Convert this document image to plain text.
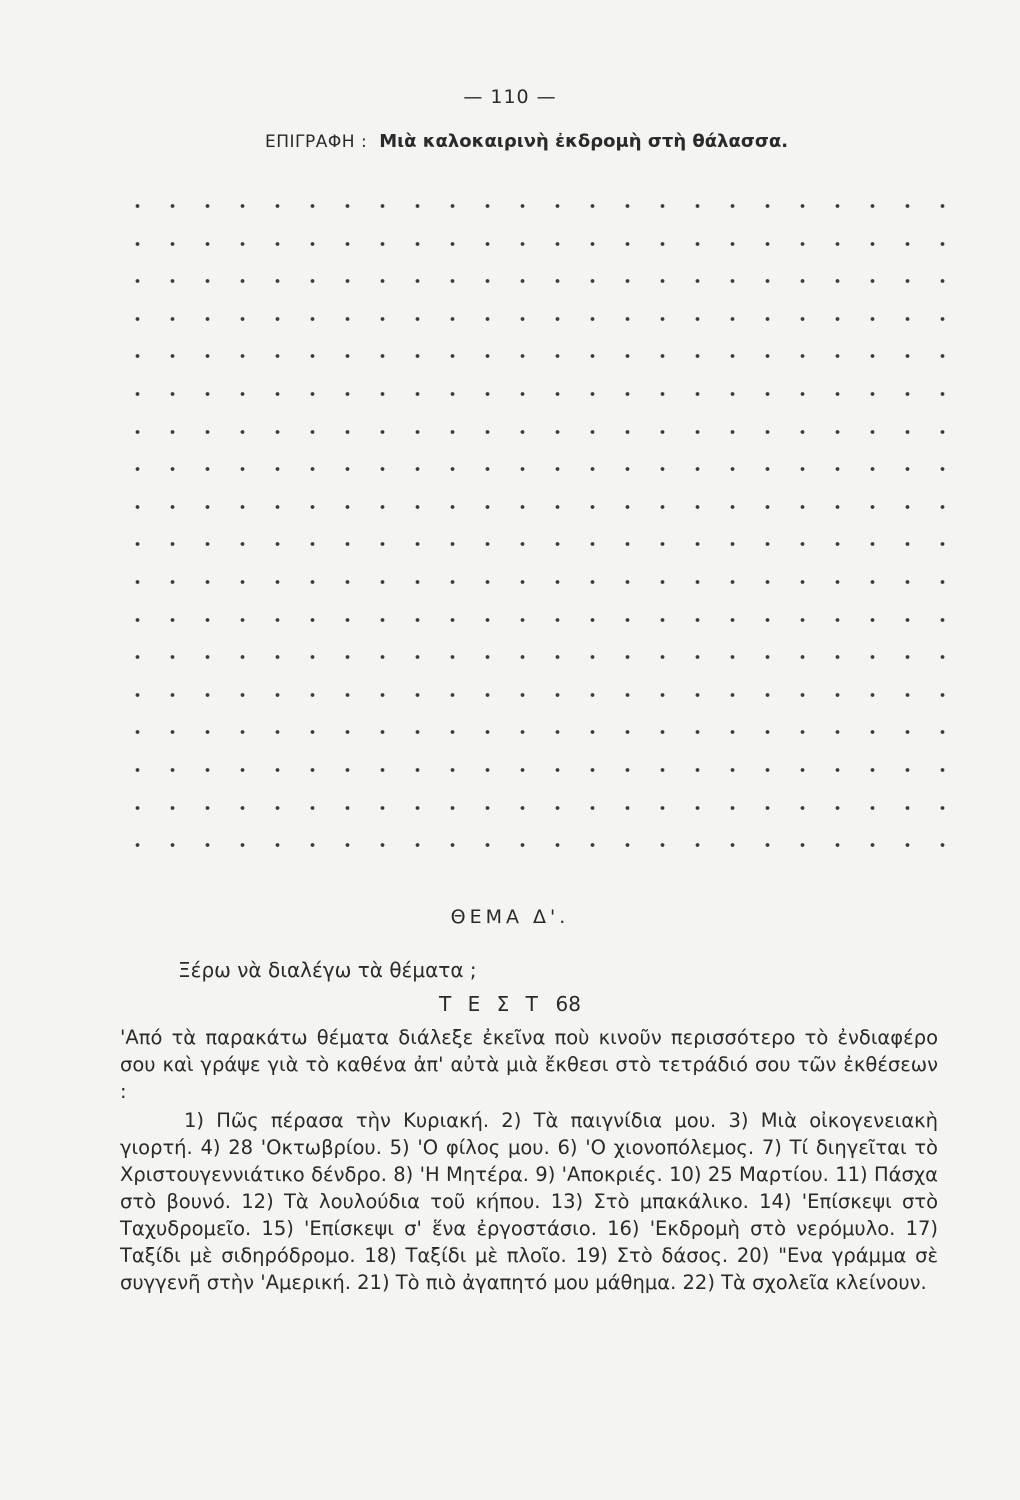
— 110 —
ΕΠΙΓΡΑΦΗ : Μιὰ καλοκαιρινὴ ἐκδρομὴ στὴ θάλασσα.
ΘΕΜΑ Δ'.
Ξέρω νὰ διαλέγω τὰ θέματα ;
Τ Ε Σ Τ 68

'Από τὰ παρακάτω θέματα διάλεξε ἐκεῖνα ποὺ κινοῦν περισσότερο τὸ ἐνδιαφέρο σου καὶ γράψε γιὰ τὸ καθένα ἀπ' αὐτὰ μιὰ ἔκθεσι στὸ τετράδιό σου τῶν ἐκθέσεων :

1) Πῶς πέρασα τὴν Κυριακή. 2) Τὰ παιγνίδια μου. 3) Μιὰ οἰκογενειακὴ γιορτή. 4) 28 'Οκτωβρίου. 5) 'Ο φίλος μου. 6) 'Ο χιονοπόλεμος. 7) Τί διηγεῖται τὸ Χριστουγεννιάτικο δένδρο. 8) 'Η Μητέρα. 9) 'Αποκριές. 10) 25 Μαρτίου. 11) Πάσχα στὸ βουνό. 12) Τὰ λουλούδια τοῦ κήπου. 13) Στὸ μπακάλικο. 14) 'Επίσκεψι στὸ Ταχυδρομεῖο. 15) 'Επίσκεψι σ' ἕνα ἐργοστάσιο. 16) 'Εκδρομὴ στὸ νερόμυλο. 17) Ταξίδι μὲ σιδηρόδρομο. 18) Ταξίδι μὲ πλοῖο. 19) Στὸ δάσος. 20) "Ενα γράμμα σὲ συγγενῆ στὴν 'Αμερική. 21) Τὸ πιὸ ἀγαπητό μου μάθημα. 22) Τὰ σχολεῖα κλείνουν.
